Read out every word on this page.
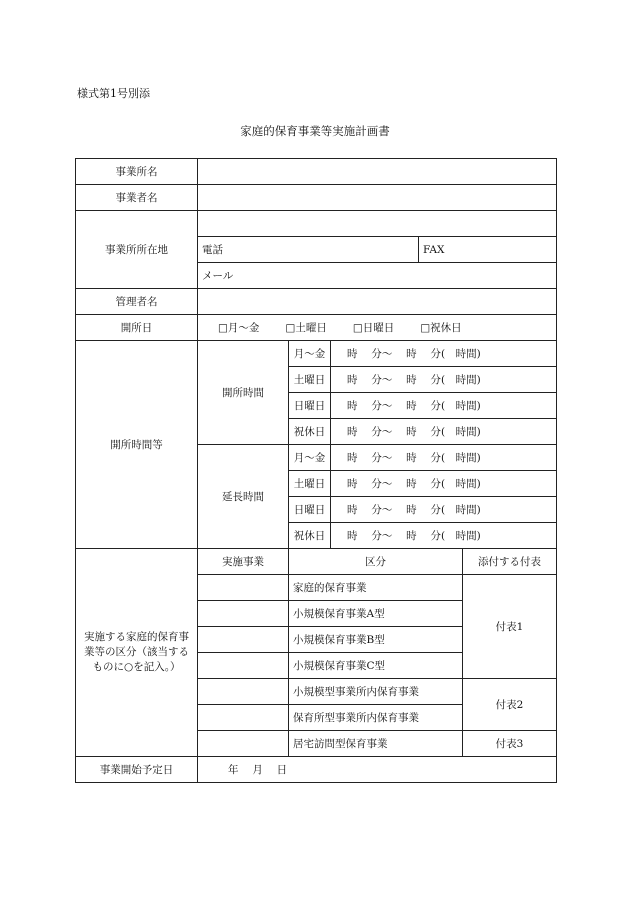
様式第1号別添
家庭的保育事業等実施計画書
事業所名					
事業者名					
事業所所在地					
	電話			FAX	
	メール				
管理者名					
開所日	□月～金 □土曜日 □日曜日 □祝休日				
開所時間等	開所時間	月～金	時　 分～　 時　 分(　時間)		
		土曜日	時　 分～　 時　 分(　時間)		
		日曜日	時　 分～　 時　 分(　時間)		
		祝休日	時　 分～　 時　 分(　時間)		
	延長時間	月～金	時　 分～　 時　 分(　時間)		
		土曜日	時　 分～　 時　 分(　時間)		
		日曜日	時　 分～　 時　 分(　時間)		
		祝休日	時　 分～　 時　 分(　時間)		
実施する家庭的保育事業等の区分（該当するものに○を記入。）	実施事業	区分			添付する付表
		家庭的保育事業			付表1
		小規模保育事業A型			
		小規模保育事業B型			
		小規模保育事業C型			
		小規模型事業所内保育事業			付表2
		保育所型事業所内保育事業			
		居宅訪問型保育事業			付表3
事業開始予定日	年　 月　 日				
